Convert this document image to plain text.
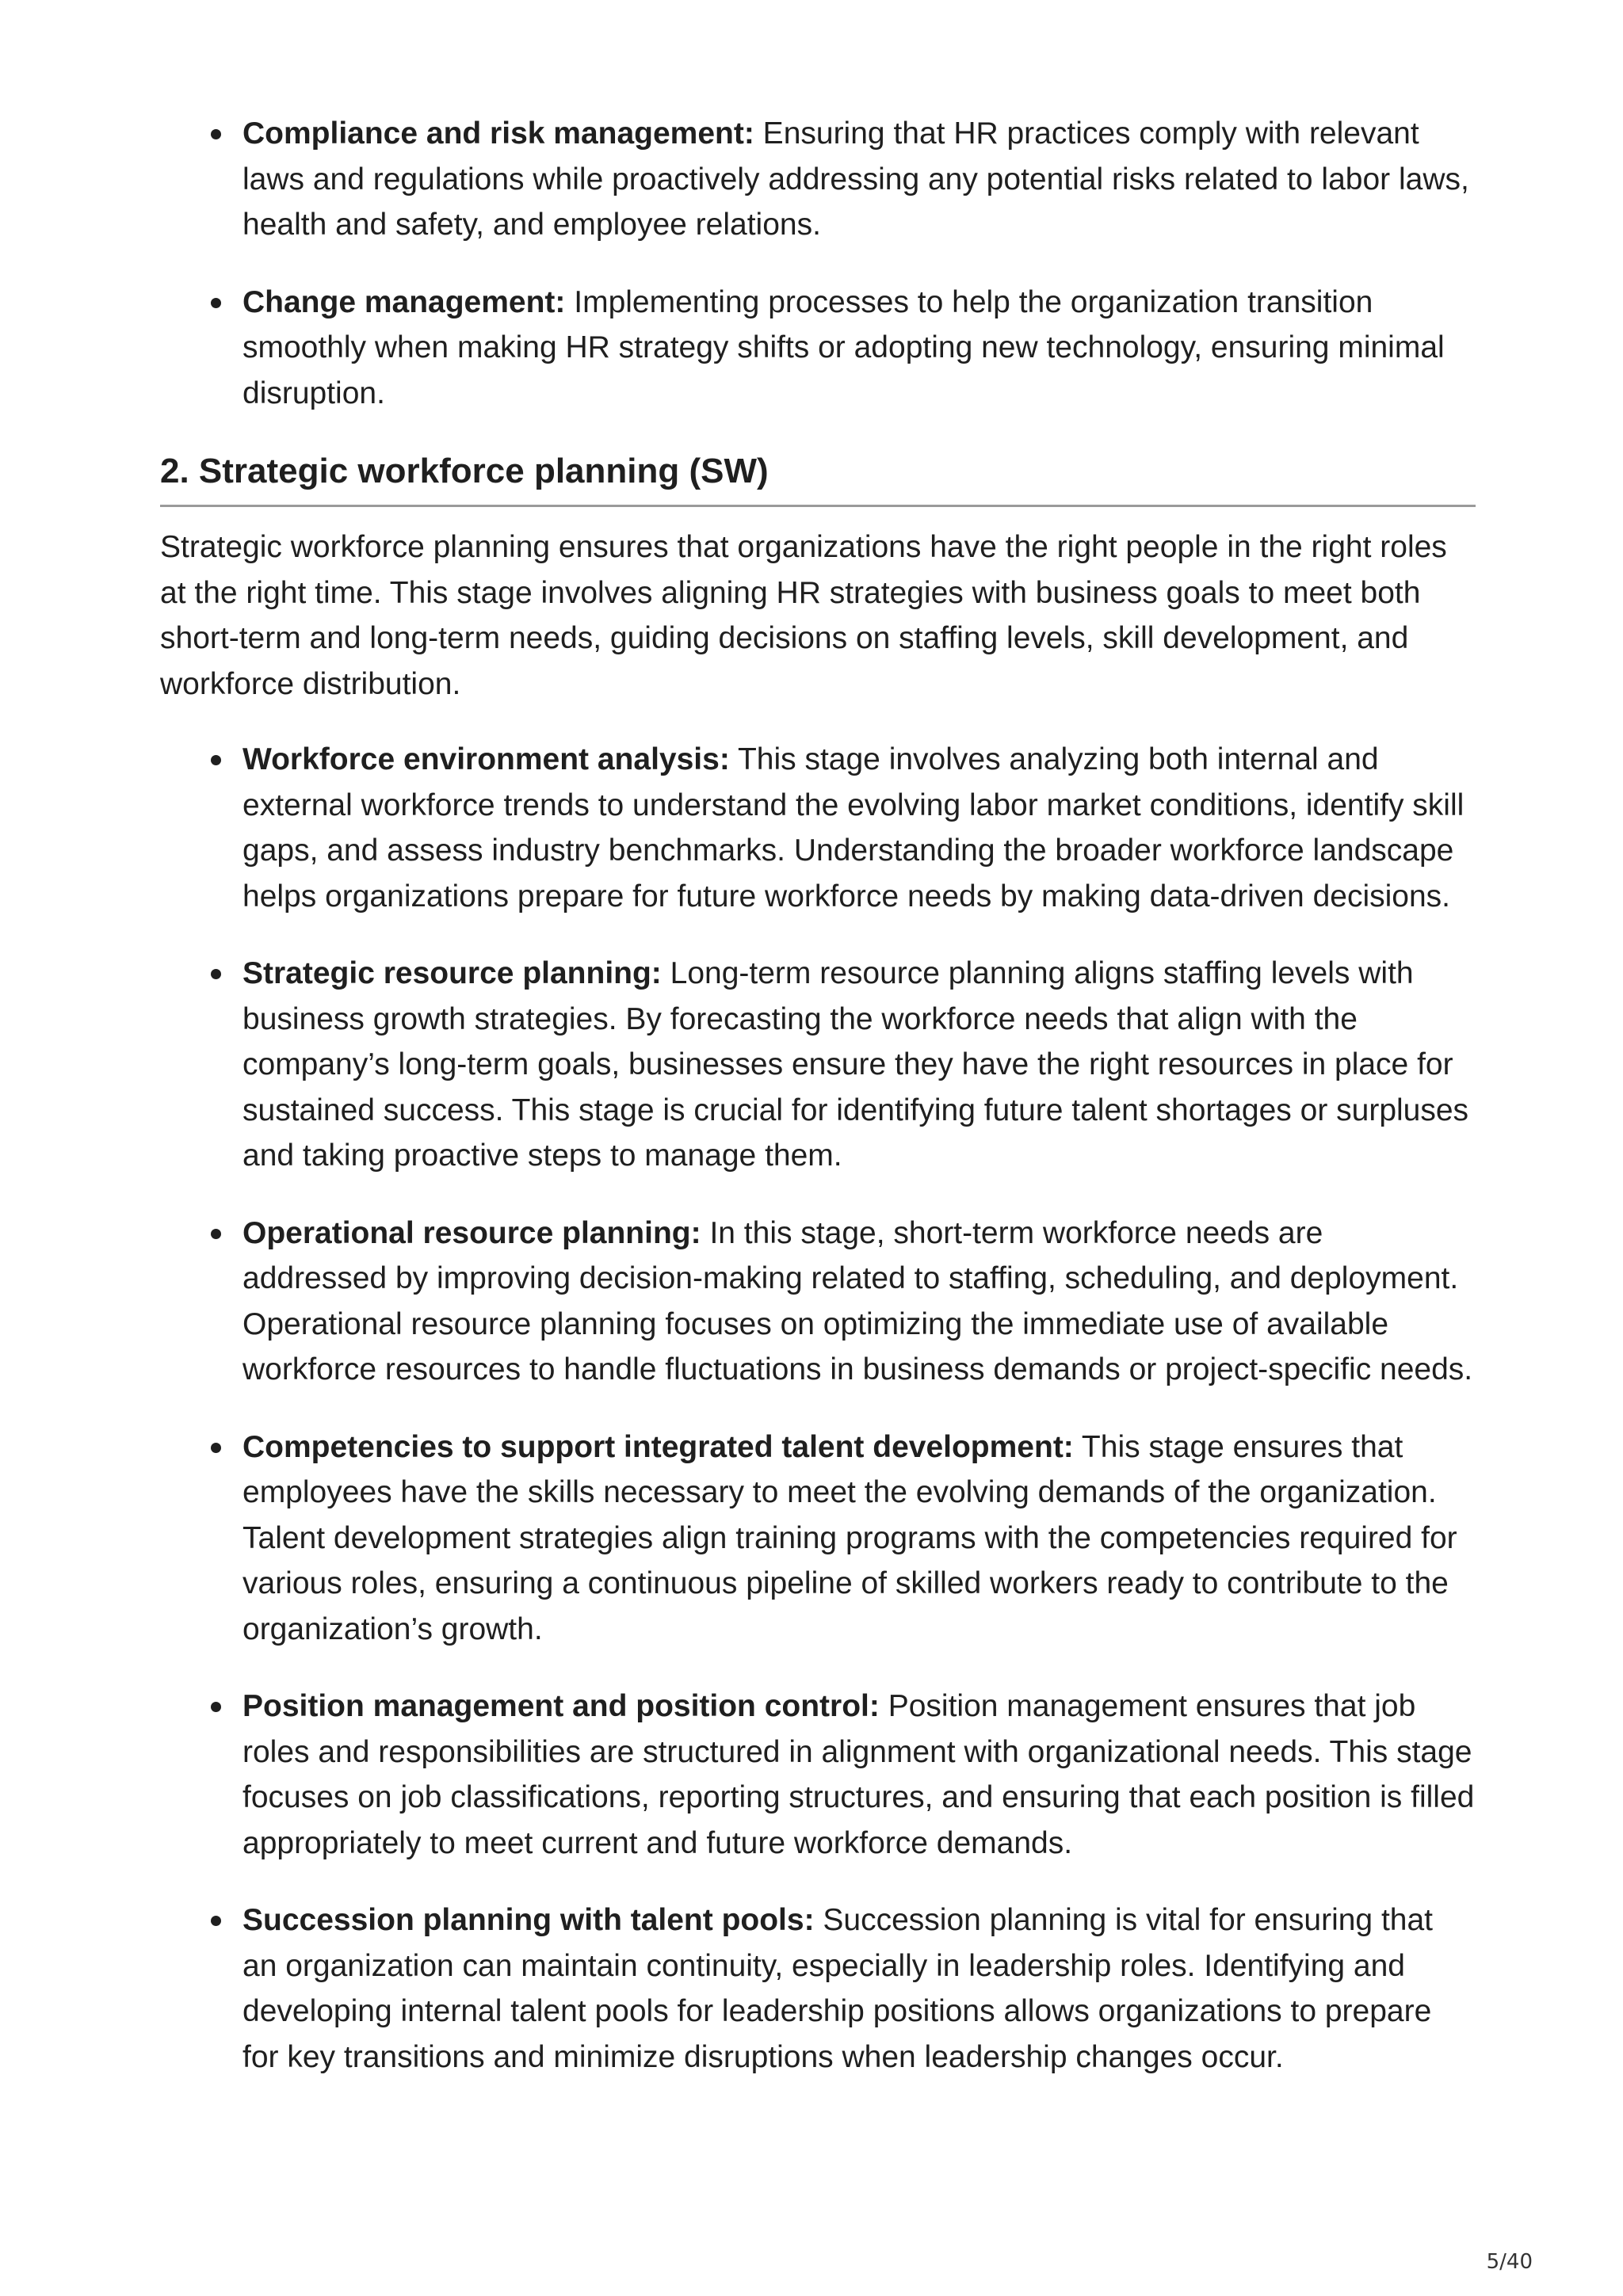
Compliance and risk management: Ensuring that HR practices comply with relevant laws and regulations while proactively addressing any potential risks related to labor laws, health and safety, and employee relations.
Change management: Implementing processes to help the organization transition smoothly when making HR strategy shifts or adopting new technology, ensuring minimal disruption.
2. Strategic workforce planning (SW)

Strategic workforce planning ensures that organizations have the right people in the right roles at the right time. This stage involves aligning HR strategies with business goals to meet both short-term and long-term needs, guiding decisions on staffing levels, skill development, and workforce distribution.

Workforce environment analysis: This stage involves analyzing both internal and external workforce trends to understand the evolving labor market conditions, identify skill gaps, and assess industry benchmarks. Understanding the broader workforce landscape helps organizations prepare for future workforce needs by making data-driven decisions.
Strategic resource planning: Long-term resource planning aligns staffing levels with business growth strategies. By forecasting the workforce needs that align with the company’s long-term goals, businesses ensure they have the right resources in place for sustained success. This stage is crucial for identifying future talent shortages or surpluses and taking proactive steps to manage them.
Operational resource planning: In this stage, short-term workforce needs are addressed by improving decision-making related to staffing, scheduling, and deployment. Operational resource planning focuses on optimizing the immediate use of available workforce resources to handle fluctuations in business demands or project-specific needs.
Competencies to support integrated talent development: This stage ensures that employees have the skills necessary to meet the evolving demands of the organization. Talent development strategies align training programs with the competencies required for various roles, ensuring a continuous pipeline of skilled workers ready to contribute to the organization’s growth.
Position management and position control: Position management ensures that job roles and responsibilities are structured in alignment with organizational needs. This stage focuses on job classifications, reporting structures, and ensuring that each position is filled appropriately to meet current and future workforce demands.
Succession planning with talent pools: Succession planning is vital for ensuring that an organization can maintain continuity, especially in leadership roles. Identifying and developing internal talent pools for leadership positions allows organizations to prepare for key transitions and minimize disruptions when leadership changes occur.
5/40
